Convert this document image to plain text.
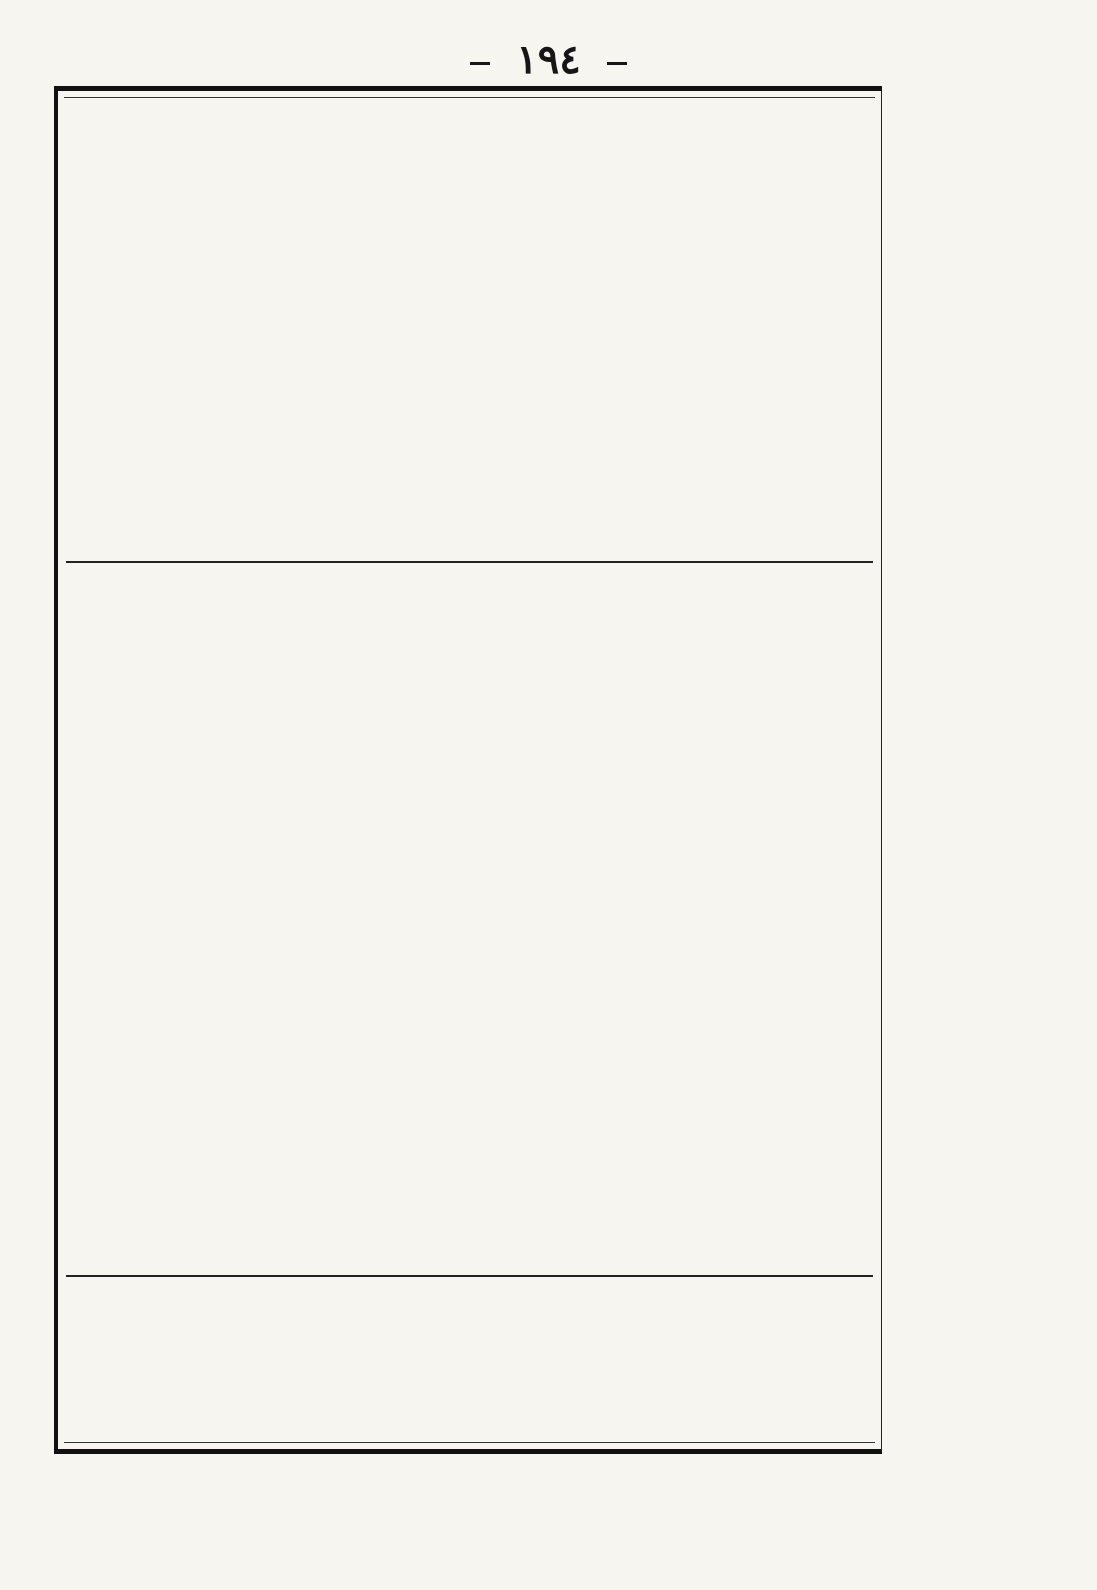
١٩٤
